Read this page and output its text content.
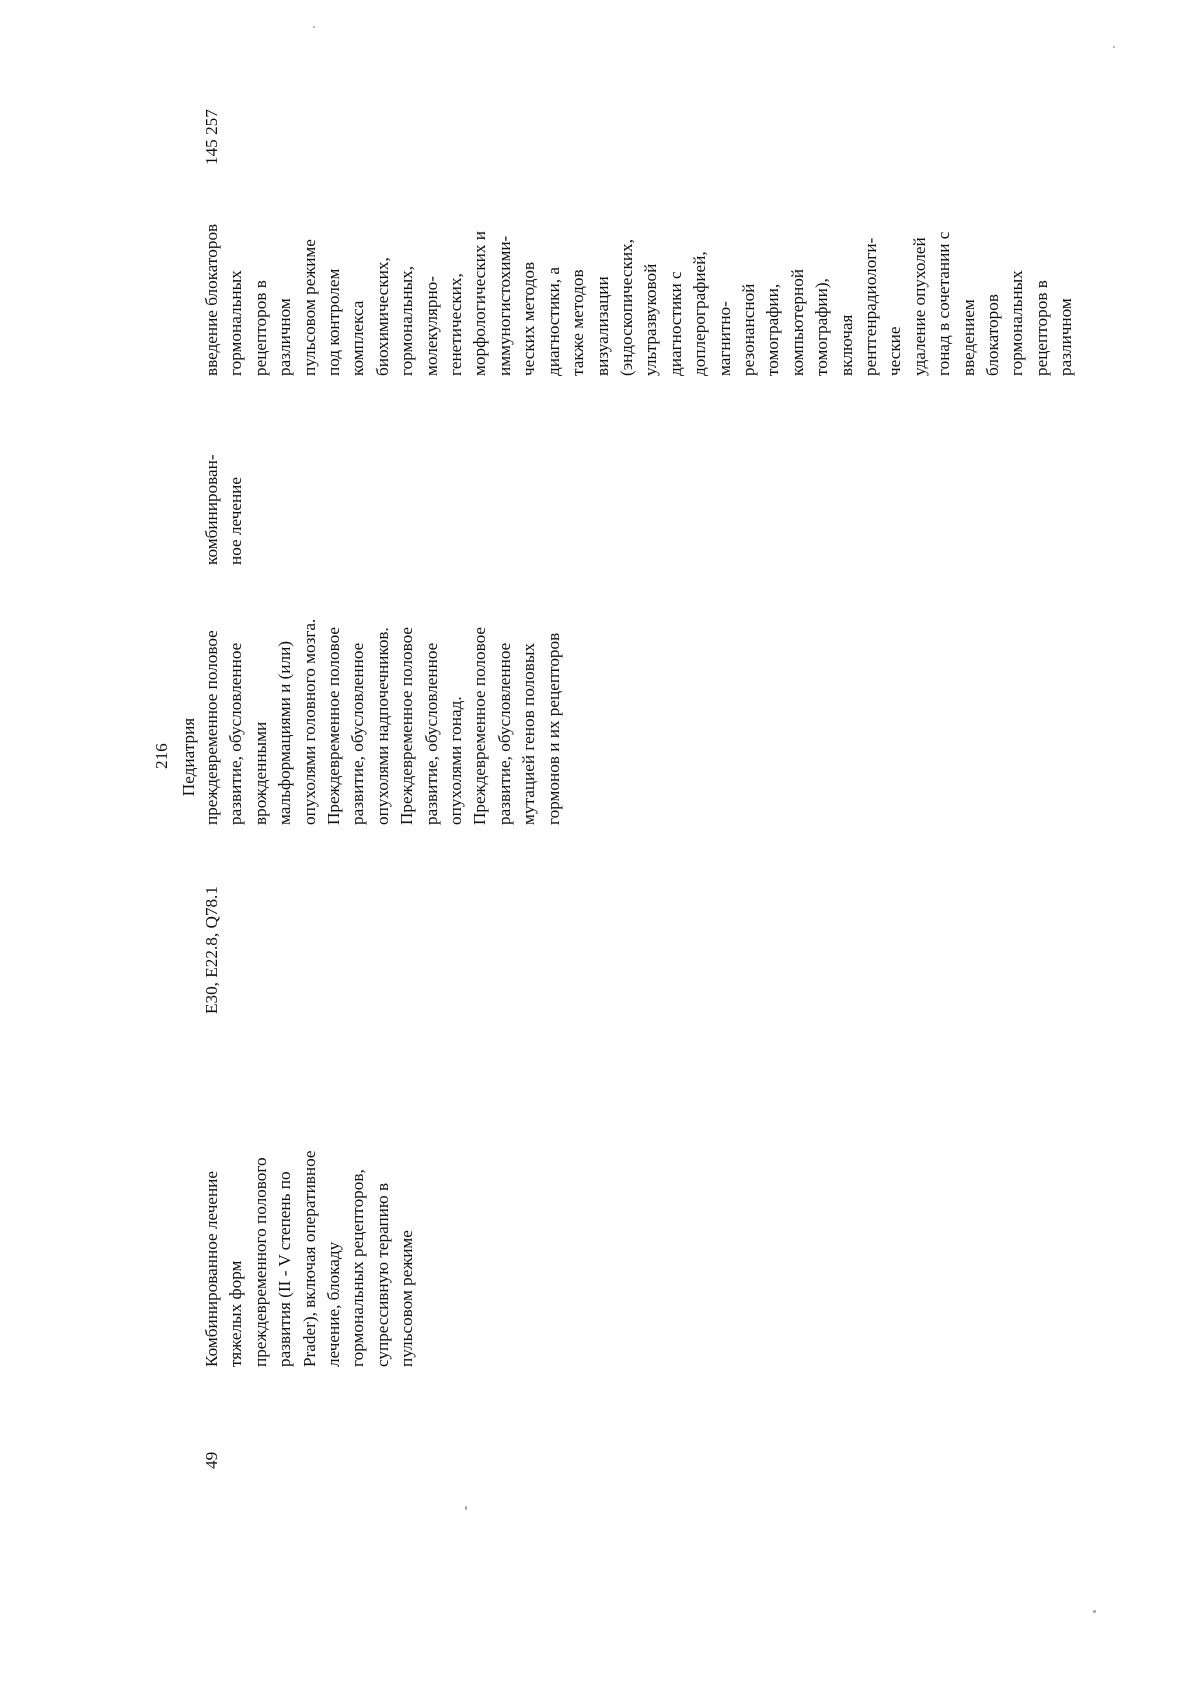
216 Педиатрия
49
Комбинированное лечение тяжелых форм преждевременного полового развития (II - V степень по Prader), включая оперативное лечение, блокаду гормональных рецепторов, супрессивную терапию в пульсовом режиме
E30, E22.8, Q78.1
преждевременное половое развитие, обусловленное врожденными мальформациями и (или) опухолями головного мозга. Преждевременное половое развитие, обусловленное опухолями надпочечников. Преждевременное половое развитие, обусловленное опухолями гонад. Преждевременное половое развитие, обусловленное мутацией генов половых гормонов и их рецепторов
комбинирован- ное лечение
введение блокаторов гормональных рецепторов в различном пульсовом режиме под контролем комплекса биохимических, гормональных, молекулярно- генетических, морфологических и иммуногистохими- ческих методов диагностики, а также методов визуализации (эндоскопических, ультразвуковой диагностики с доплерографией, магнитно- резонансной томографии, компьютерной томографии), включая рентгенрадиологи- ческие удаление опухолей гонад в сочетании с введением блокаторов гормональных рецепторов в различном
145 257
